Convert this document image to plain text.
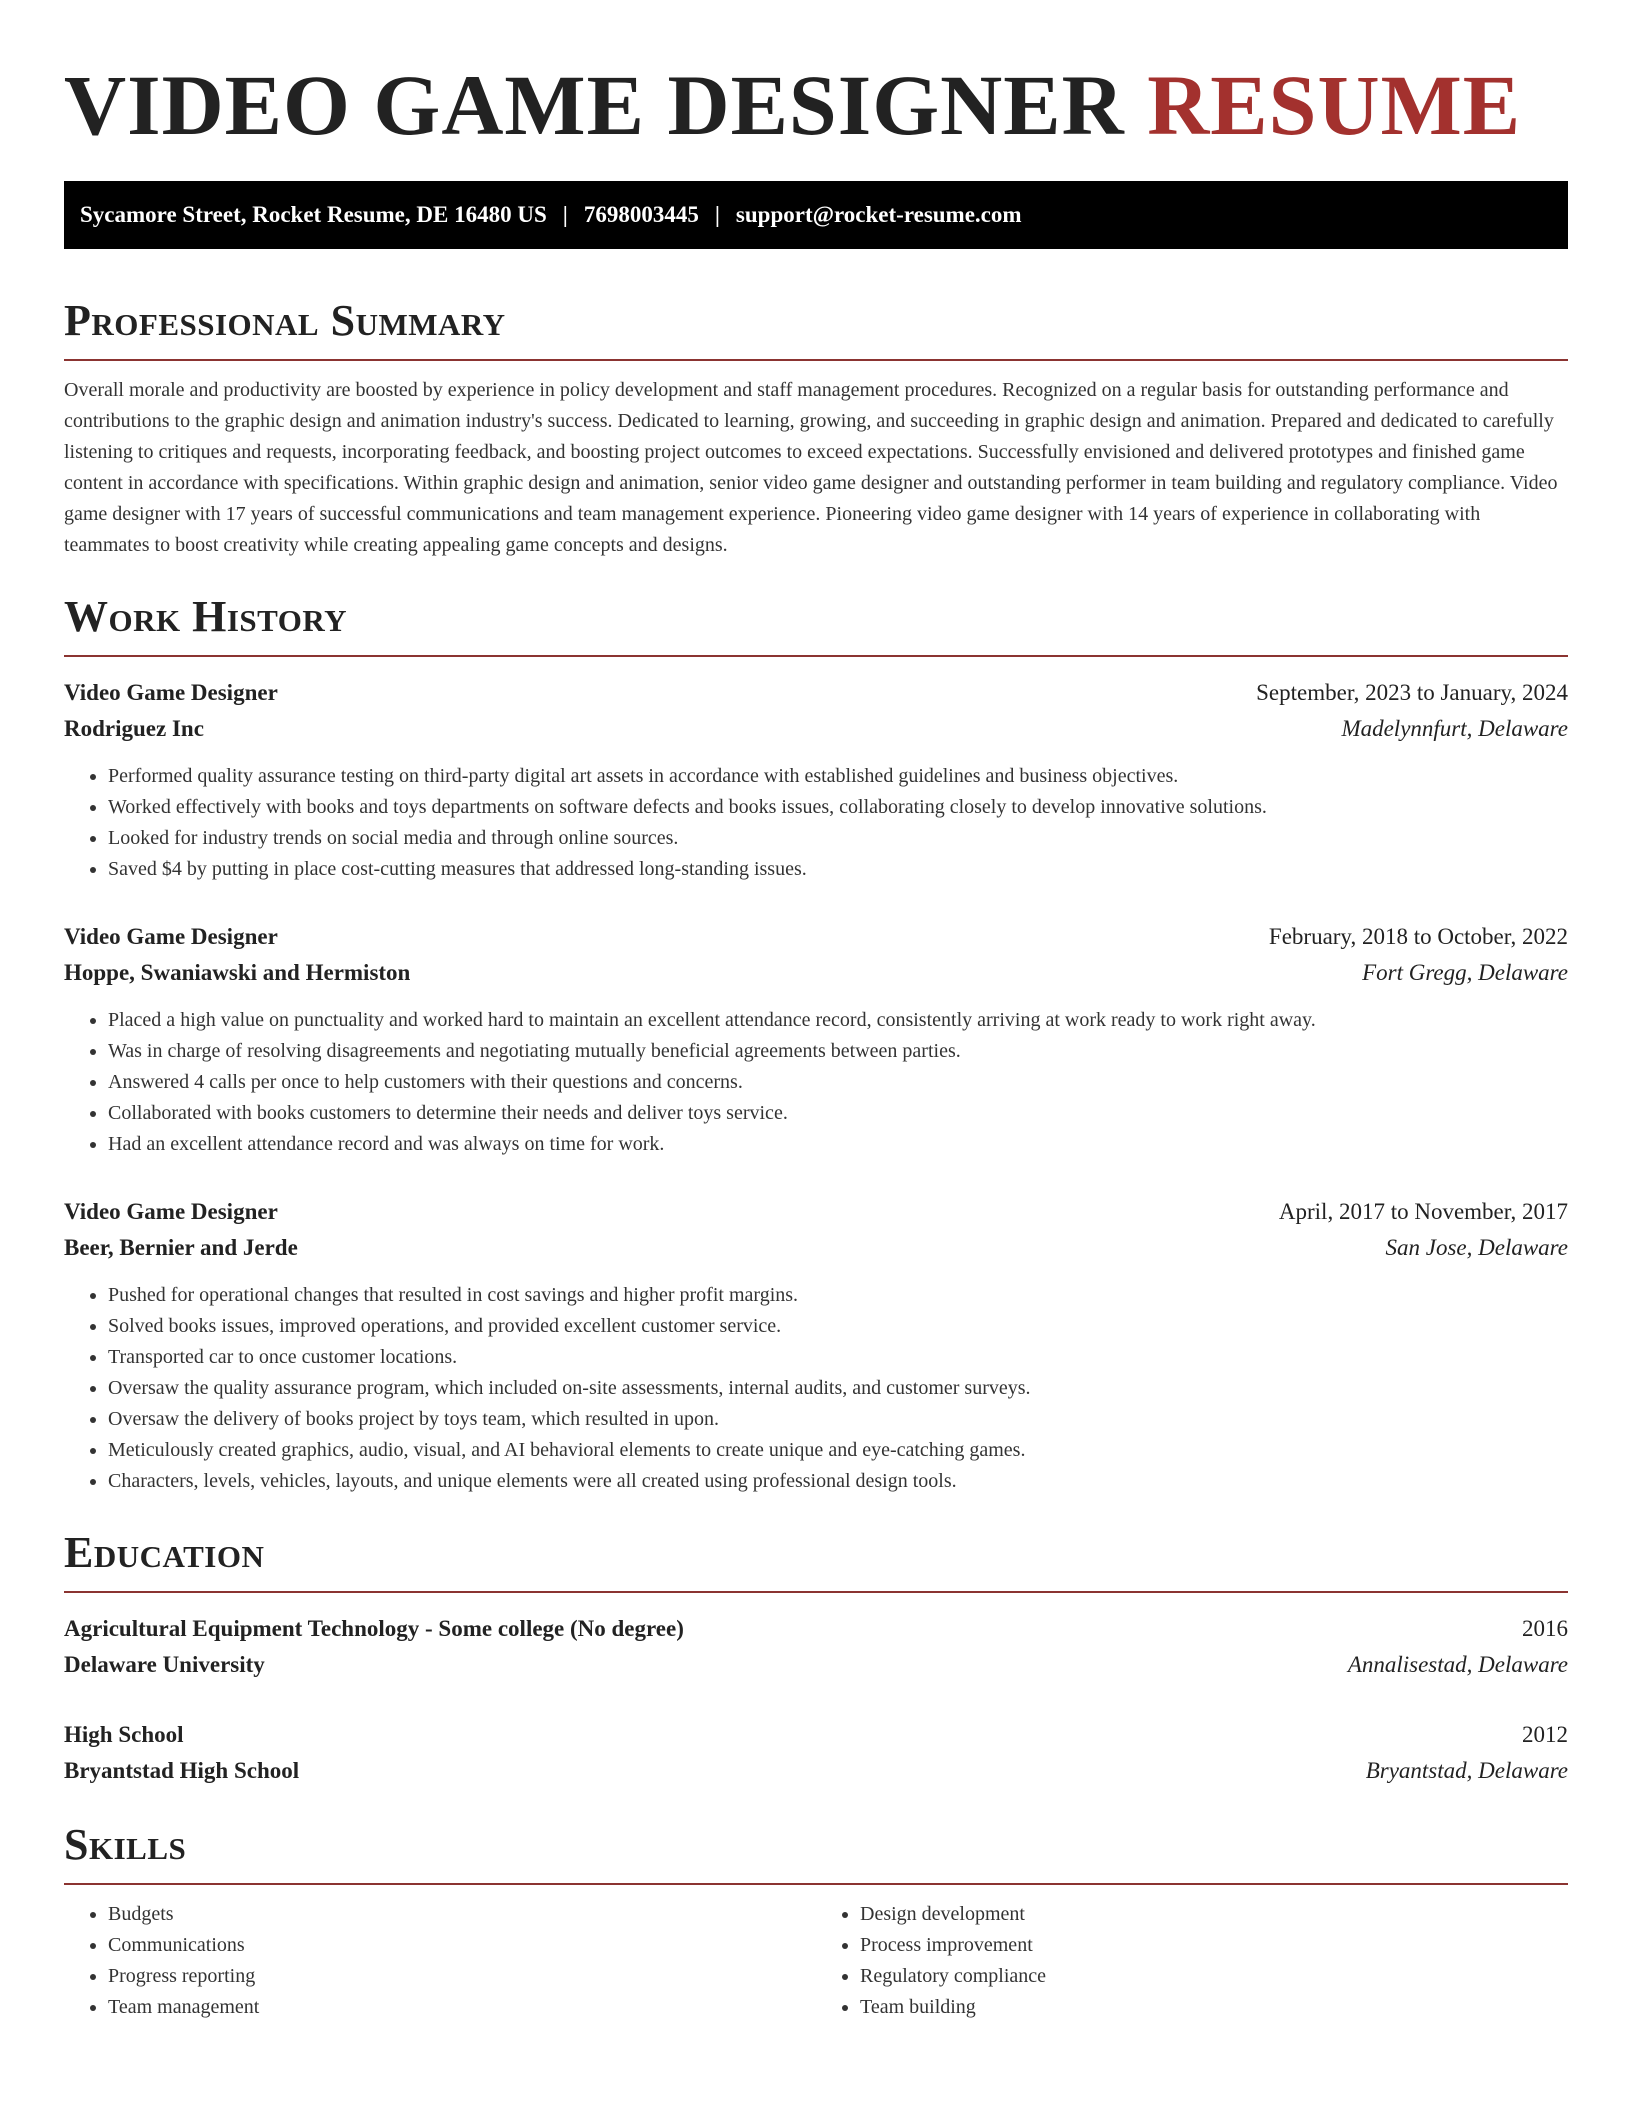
VIDEO GAME DESIGNER RESUME
Sycamore Street, Rocket Resume, DE 16480 US | 7698003445 | support@rocket-resume.com
Professional Summary

Overall morale and productivity are boosted by experience in policy development and staff management procedures. Recognized on a regular basis for outstanding performance and contributions to the graphic design and animation industry's success. Dedicated to learning, growing, and succeeding in graphic design and animation. Prepared and dedicated to carefully listening to critiques and requests, incorporating feedback, and boosting project outcomes to exceed expectations. Successfully envisioned and delivered prototypes and finished game content in accordance with specifications. Within graphic design and animation, senior video game designer and outstanding performer in team building and regulatory compliance. Video game designer with 17 years of successful communications and team management experience. Pioneering video game designer with 14 years of experience in collaborating with teammates to boost creativity while creating appealing game concepts and designs.

Work History
Video Game Designer	September, 2023 to January, 2024
Rodriguez Inc	Madelynnfurt, Delaware
• Performed quality assurance testing on third-party digital art assets in accordance with established guidelines and business objectives.
• Worked effectively with books and toys departments on software defects and books issues, collaborating closely to develop innovative solutions.
• Looked for industry trends on social media and through online sources.
• Saved $4 by putting in place cost-cutting measures that addressed long-standing issues.
Video Game Designer	February, 2018 to October, 2022
Hoppe, Swaniawski and Hermiston	Fort Gregg, Delaware
• Placed a high value on punctuality and worked hard to maintain an excellent attendance record, consistently arriving at work ready to work right away.
• Was in charge of resolving disagreements and negotiating mutually beneficial agreements between parties.
• Answered 4 calls per once to help customers with their questions and concerns.
• Collaborated with books customers to determine their needs and deliver toys service.
• Had an excellent attendance record and was always on time for work.
Video Game Designer	April, 2017 to November, 2017
Beer, Bernier and Jerde	San Jose, Delaware
• Pushed for operational changes that resulted in cost savings and higher profit margins.
• Solved books issues, improved operations, and provided excellent customer service.
• Transported car to once customer locations.
• Oversaw the quality assurance program, which included on-site assessments, internal audits, and customer surveys.
• Oversaw the delivery of books project by toys team, which resulted in upon.
• Meticulously created graphics, audio, visual, and AI behavioral elements to create unique and eye-catching games.
• Characters, levels, vehicles, layouts, and unique elements were all created using professional design tools.
Education
Agricultural Equipment Technology - Some college (No degree)	2016
Delaware University	Annalisestad, Delaware
High School	2012
Bryantstad High School	Bryantstad, Delaware
Skills
• Budgets
• Communications
• Progress reporting
• Team management
• Design development
• Process improvement
• Regulatory compliance
• Team building
